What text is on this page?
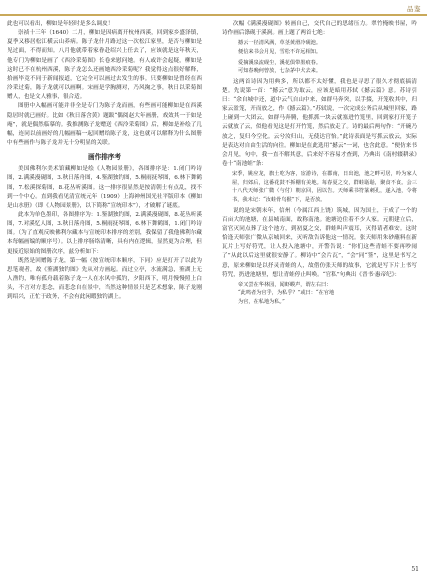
品鉴

此也可以看出，柳如是年轻时是多么调皮！

崇祯十三年（1640）二月，柳如是因病离开杭州西溪，回到家乡盛泽镇，夏季又移居松江横云山养病。陈子龙什月路过这一次松江家里，是否与柳如是见过面，不得而知。八月他就带着家眷赴绍兴上任去了，应该就是这年秋天，他专门为柳如是画了《西泠采菊图》长卷来慰问她。有人或许会起疑，柳如是这时已不在杭州西溪，陈子龙怎么还画她西泠采菊呢？我觉得这点很好解释，拾画毕竟不同于新闻报道，它完全可以画过去发生的事。只要柳如是曾经在西泠采过菊，陈子龙就可以画啊。宋画是学胸测对，乃风掬之事，秋日以采菊图赠人，也是文人雅事，很合适。

图册中入幅画可能并非全是专门为陈子龙而画，有些画可能柳如是在西溪隐居时就已画好。比如《秋日落含黄》题跋“偶阅赵大年画册，戏效其一于如是庵”，就是偶然临摹的。我推测陈子龙赠送《西泠采菊图》后，柳如是补绘了几幅，连同以前画好的几幅画稿一起回赠给陈子龙，这也就可以解释为什么图册中有些画作与陈子龙并无十分明显的关联。

画作排序考

美国佛利尔美术馆藏柳如是绘《人物园景册》，各图排序是：1.闭门吟诗图，2.满溪漫砚图，3.秋日落舟图，4.鉴湖独钓图，5.桐雨抚琴图，6.林下舞鹤图，7.松溪探菊图，8.花丛听溪图。这一排序很显然是按清朝士有点乱，找不到一个中心。直到我看见清宣统元年（1909）上海神州国光社平版印本《柳如是山水册》（即《人物园景册》，以下简称“宣统印本”），才破解了谜底。

此本为单色墨印，各图排序为：1.鉴湖独钓图，2.满溪漫砚图，8.花丛听溪图，7.对溪忆人图，3.秋日落舟图，5.桐雨抚琴图，6.林下舞鹤图，1.闭门吟诗图。（为了直观反映佛利尔藏本与宣统印本排序的差别，我保留了我他佛利尔藏本每幅画编的顺序号）。以上排序肠络清晰，具有内在逻辑，显然更为合理，但更接近原始的图册次序，兹分析如下：

既然是回赠陈子龙，第一幅（按宣统印本顺序，下同）应是打开了以此为思笔观者，故《鉴湖独钓图》先从对方画起。而过立亭，水流满急，鉴湖上无人渔钓，唯有孤舟载着陈子龙一人在水风中孤钓，夕阳西下，明月慢慢照上白头，不言对方悲念，而悲念自在景中，当然这种情景只是艺术想象，陈子龙刚到绍兴，正忙于政务，不会有此闲暇独钓湖上。

次幅《满溪漫砚图》转画自己，交代自己的思绪压力。翠竹掩映书屋，吟诗作画后涤砚于溪涧。画上题了两首七绝：

撼云一径清风满，草茎黄滑冷砚池。
便信来书会月见，雪松不许远相知。
爱摘溪泉流砚尘，溪花俱带墨痕春。
可知春晚何曾放，七杂茅中犬去来。

这两首诗因为用典多，所以都不太好懂，我也是寻思了很久才彻底搞清楚。先说第一首：“撼云”意为取云，应该是暗用苏轼《撼云篇》意。苏诗引曰：“余自城中还，道中云气自山中来，如群马奔突，以手掇，开笼收其中，归家云盈笼，开而放之，作《撼云篇》。”苏轼说，一次完成公务后从城里回家，路上碰到一大团云，如群马奔腾，他抓抓一块云就塞进竹笼里，回到家打开笼子云就放了云，似他看见这是打开竹笼，然后放走了。诗的最后两句作：“开碗乃放之，复归今空化。云兮汝归山，无使达官怡。”此诗表面是写抓云放云，实际是表达对自由生活的向往。柳如是在此选用“撼云”一词，也含此意。“便仿来书会月见，句中，我一直不解其意，后来好不容易才查到，乃典出《南村辍耕录》卷十“南池蛙”条：

宋季，姚应龙，旗土吃为客，宦游诗，在郡南，日出池，池之畔可居，吟为家人屋，归郊后，这番花鼓不拆棚有美地。每春夏之交，群蛙聒聒，聚食不食。会三十八代天师张广微（与付）朝京回，因以告。天师乘书符篆刺孔，遂入池，令将书，我未记：“汝蛙骨鸟猴”下，是否放。

说的是宋朝末年，信州（今属江西上饶）筑城，因为国土，于成了一个的百亩大的池塘，在县城南面，故称南池。池塘边住着不少人家。元朝建立后，富官灭同点葬了这个池方，到初夏之交，群蛙叫声震耳，灭得请者难安。这时恰逢天师张广微从京城回来，灭听敌告诉他这一情况。张天师用朱砂蘸料在新瓦片上写好符咒，让人投入池塘中，开警告说：“你们这些青蛙不要再吵闹了”从此以后这里就很安静了。柳诗中“会片瓦”，“会”同“签”，这里是书写之意，原来柳如是以抒灵青蛙的人，故借仿张天师的故事，它就是写下片上书写符咒，扔进池塘里，想让青蛙停止叫唤。“官私”句典出《晋书·惠帝纪》：

帝又尝在华林园，闻虾蟆声，谓左右曰：
“此鸣者为官乎，为私乎？”或曰：“在官地
为官，在私地为私。”
51
